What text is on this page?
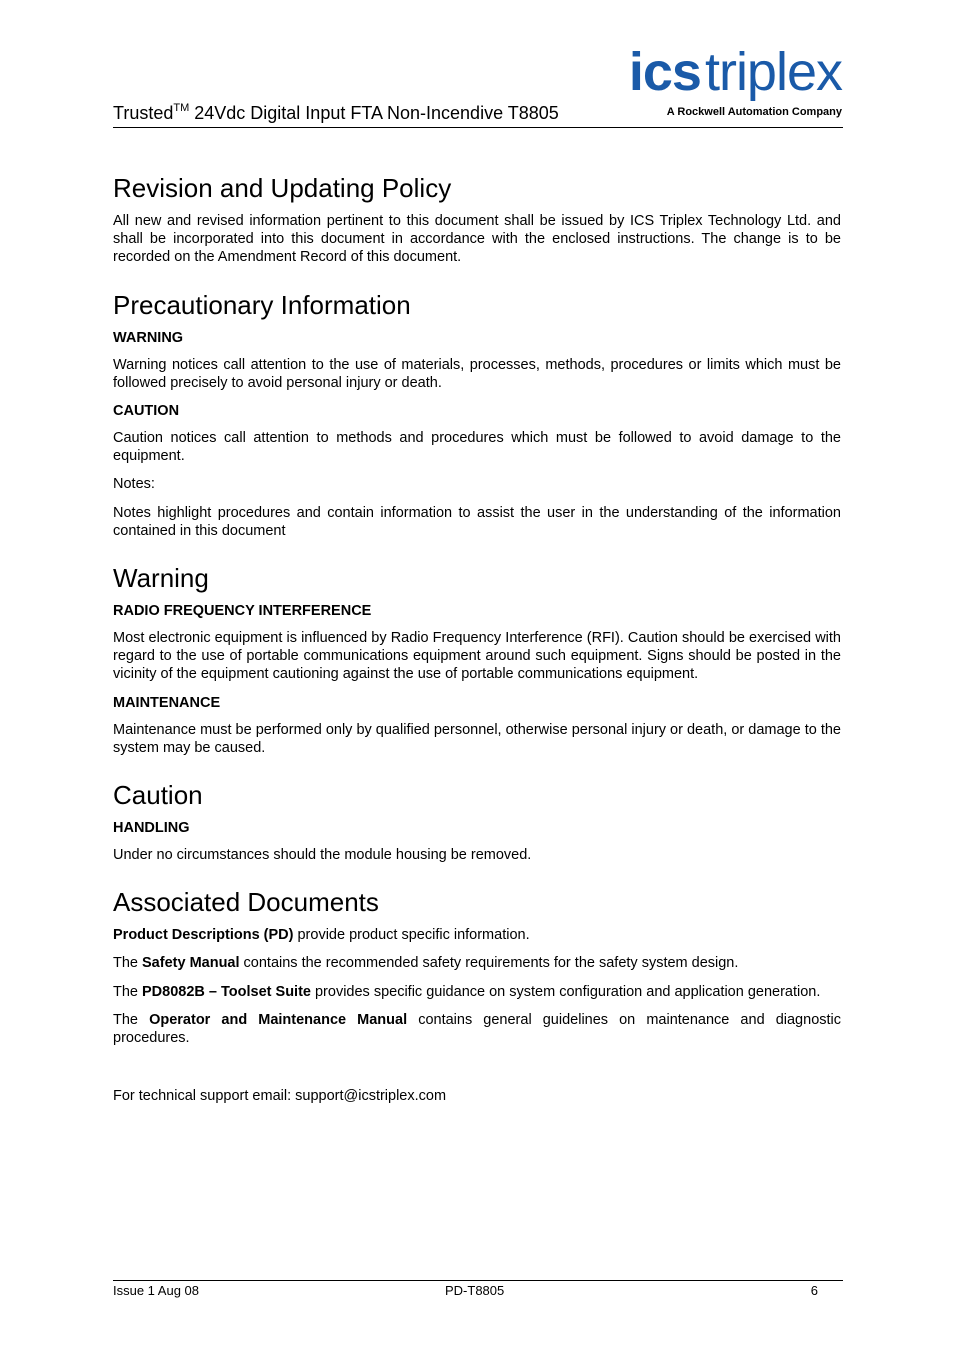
Trusted™ 24Vdc Digital Input FTA Non-Incendive T8805
icstriplex
A Rockwell Automation Company
Revision and Updating Policy

All new and revised information pertinent to this document shall be issued by ICS Triplex Technology Ltd. and shall be incorporated into this document in accordance with the enclosed instructions. The change is to be recorded on the Amendment Record of this document.

Precautionary Information
WARNING

Warning notices call attention to the use of materials, processes, methods, procedures or limits which must be followed precisely to avoid personal injury or death.

CAUTION

Caution notices call attention to methods and procedures which must be followed to avoid damage to the equipment.

Notes:

Notes highlight procedures and contain information to assist the user in the understanding of the information contained in this document

Warning
RADIO FREQUENCY INTERFERENCE

Most electronic equipment is influenced by Radio Frequency Interference (RFI). Caution should be exercised with regard to the use of portable communications equipment around such equipment. Signs should be posted in the vicinity of the equipment cautioning against the use of portable communications equipment.

MAINTENANCE

Maintenance must be performed only by qualified personnel, otherwise personal injury or death, or damage to the system may be caused.

Caution
HANDLING

Under no circumstances should the module housing be removed.

Associated Documents

Product Descriptions (PD) provide product specific information.

The Safety Manual contains the recommended safety requirements for the safety system design.

The PD8082B – Toolset Suite provides specific guidance on system configuration and application generation.

The Operator and Maintenance Manual contains general guidelines on maintenance and diagnostic procedures.

For technical support email: support@icstriplex.com

Issue 1 Aug 08	PD-T8805	6
